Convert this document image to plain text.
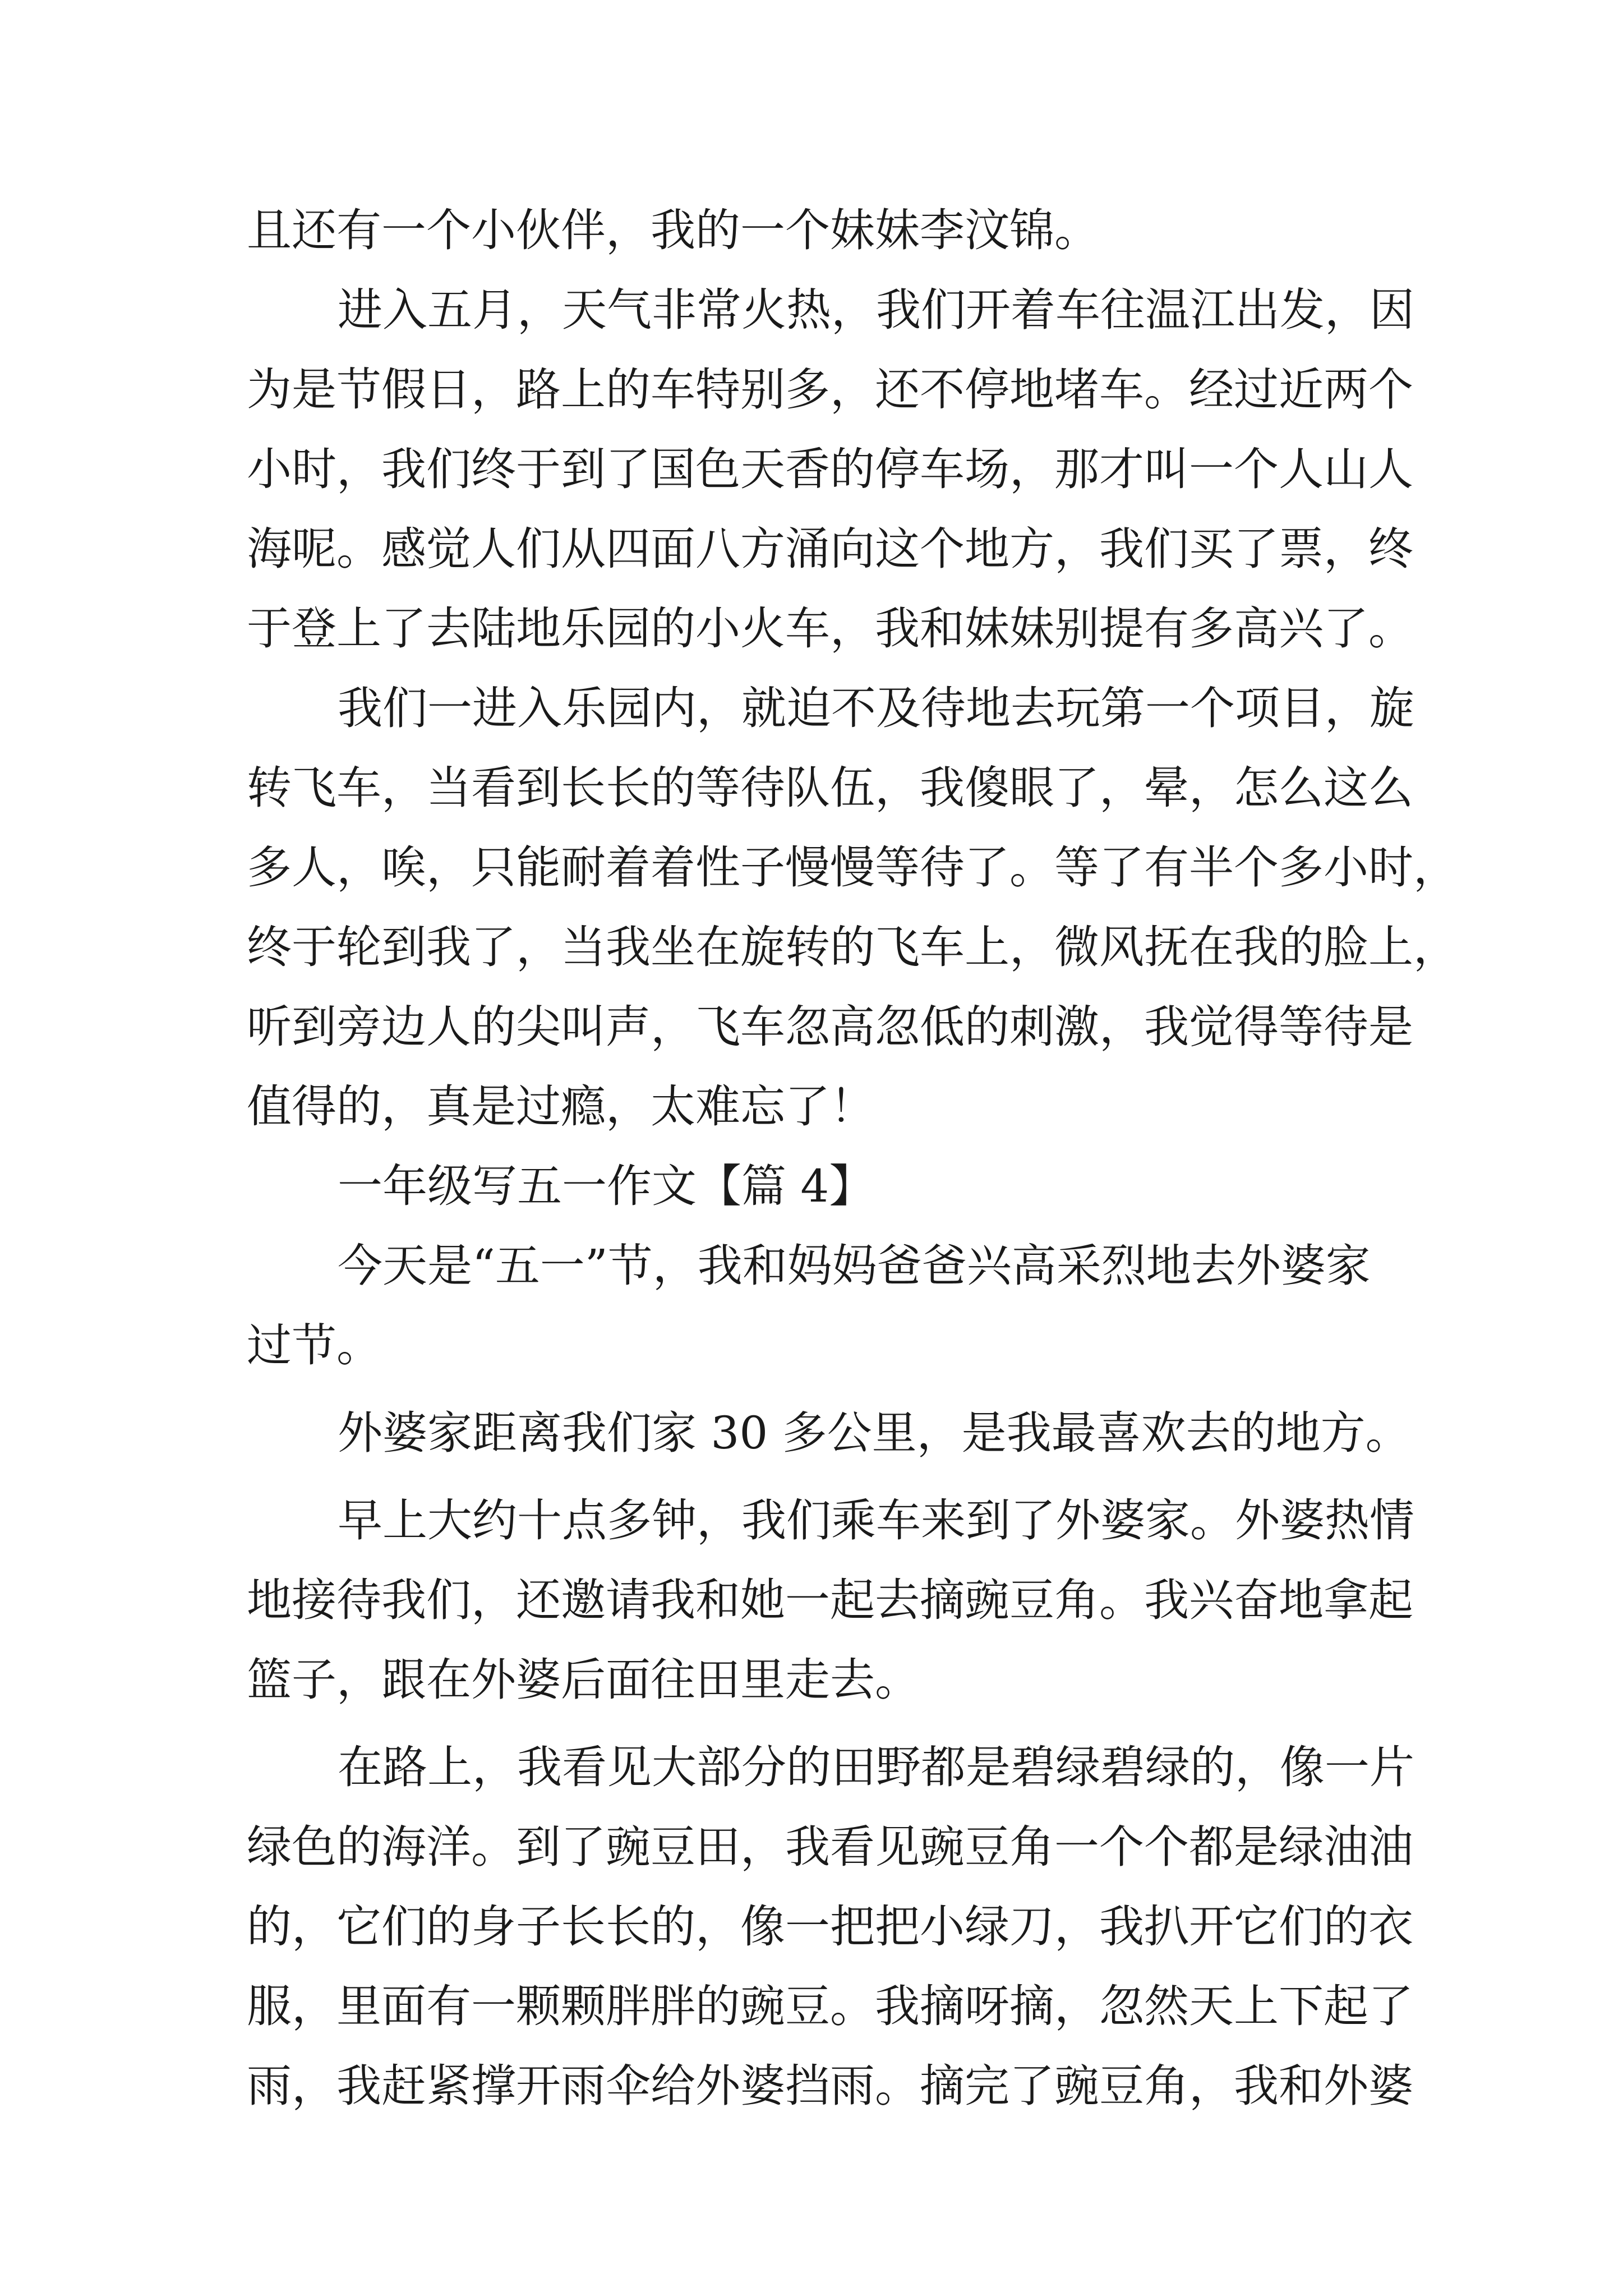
且还有一个小伙伴，我的一个妹妹李汶锦。
进入五月，天气非常火热，我们开着车往温江出发，因
为是节假日，路上的车特别多，还不停地堵车。经过近两个
小时，我们终于到了国色天香的停车场，那才叫一个人山人
海呢。感觉人们从四面八方涌向这个地方，我们买了票，终
于登上了去陆地乐园的小火车，我和妹妹别提有多高兴了。
我们一进入乐园内，就迫不及待地去玩第一个项目，旋
转飞车，当看到长长的等待队伍，我傻眼了，晕，怎么这么
多人，唉，只能耐着着性子慢慢等待了。等了有半个多小时，
终于轮到我了，当我坐在旋转的飞车上，微风抚在我的脸上，
听到旁边人的尖叫声，飞车忽高忽低的刺激，我觉得等待是
值得的，真是过瘾，太难忘了！
一年级写五一作文【篇 4】
今天是“五一”节，我和妈妈爸爸兴高采烈地去外婆家
过节。
外婆家距离我们家 30 多公里，是我最喜欢去的地方。
早上大约十点多钟，我们乘车来到了外婆家。外婆热情
地接待我们，还邀请我和她一起去摘豌豆角。我兴奋地拿起
篮子，跟在外婆后面往田里走去。
在路上，我看见大部分的田野都是碧绿碧绿的，像一片
绿色的海洋。到了豌豆田，我看见豌豆角一个个都是绿油油
的，它们的身子长长的，像一把把小绿刀，我扒开它们的衣
服，里面有一颗颗胖胖的豌豆。我摘呀摘，忽然天上下起了
雨，我赶紧撑开雨伞给外婆挡雨。摘完了豌豆角，我和外婆
